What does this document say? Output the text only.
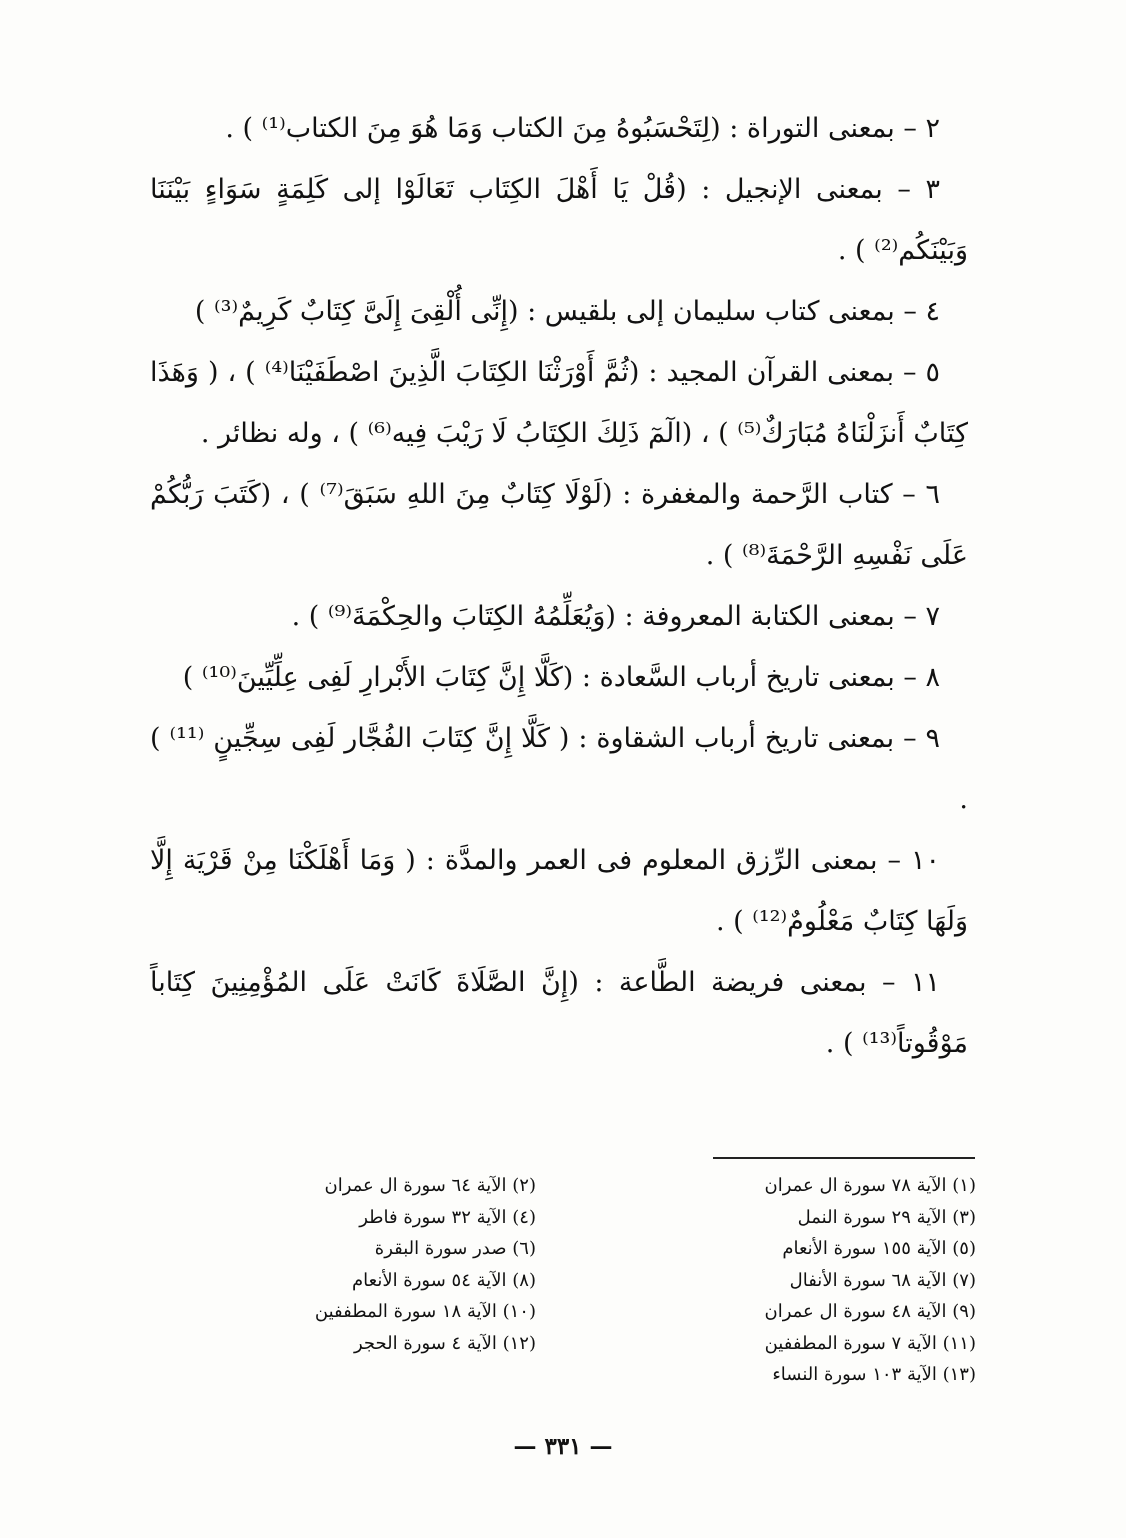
٢ – بمعنى التوراة : (لِتَحْسَبُوهُ مِنَ الكتاب وَمَا هُوَ مِنَ الكتاب⁽¹⁾ ) .

٣ – بمعنى الإنجيل : (قُلْ يَا أَهْلَ الكِتَاب تَعَالَوْا إلى كَلِمَةٍ سَوَاءٍ بَيْنَنَا وَبَيْنَكُم⁽²⁾ ) .

٤ – بمعنى كتاب سليمان إلى بلقيس : (إِنِّى أُلْقِىَ إِلَىَّ كِتَابٌ كَرِيمٌ⁽³⁾ )

٥ – بمعنى القرآن المجيد : (ثُمَّ أَوْرَثْنَا الكِتَابَ الَّذِينَ اصْطَفَيْنَا⁽⁴⁾ ) ، ( وَهَذَا كِتَابٌ أَنزَلْنَاهُ مُبَارَكٌ⁽⁵⁾ ) ، (الٓمٓ ذَلِكَ الكِتَابُ لَا رَيْبَ فِيه⁽⁶⁾ ) ، وله نظائر .

٦ – كتاب الرَّحمة والمغفرة : (لَوْلَا كِتَابٌ مِنَ اللهِ سَبَقَ⁽⁷⁾ ) ، (كَتَبَ رَبُّكُمْ عَلَى نَفْسِهِ الرَّحْمَةَ⁽⁸⁾ ) .

٧ – بمعنى الكتابة المعروفة : (وَيُعَلِّمُهُ الكِتَابَ والحِكْمَةَ⁽⁹⁾ ) .

٨ – بمعنى تاريخ أرباب السَّعادة : (كَلَّا إِنَّ كِتَابَ الأَبْرارِ لَفِى عِلِّيِّينَ⁽¹⁰⁾ )

٩ – بمعنى تاريخ أرباب الشقاوة : ( كَلَّا إِنَّ كِتَابَ الفُجَّار لَفِى سِجِّينٍ ⁽¹¹⁾ ) .

١٠ – بمعنى الرِّزق المعلوم فى العمر والمدَّة : ( وَمَا أَهْلَكْنَا مِنْ قَرْيَة إِلَّا وَلَهَا كِتَابٌ مَعْلُومٌ⁽¹²⁾ ) .

١١ – بمعنى فريضة الطَّاعة : (إِنَّ الصَّلَاةَ كَانَتْ عَلَى المُؤْمِنِينَ كِتَاباً مَوْقُوتاً⁽¹³⁾ ) .

(١) الآية ٧٨ سورة ال عمران
(٣) الآية ٢٩ سورة النمل
(٥) الآية ١٥٥ سورة الأنعام
(٧) الآية ٦٨ سورة الأنفال
(٩) الآية ٤٨ سورة ال عمران
(١١) الآية ٧ سورة المطففين
(١٣) الآية ١٠٣ سورة النساء
(٢) الآية ٦٤ سورة ال عمران
(٤) الآية ٣٢ سورة فاطر
(٦) صدر سورة البقرة
(٨) الآية ٥٤ سورة الأنعام
(١٠) الآية ١٨ سورة المطففين
(١٢) الآية ٤ سورة الحجر
— ٣٣١ —
